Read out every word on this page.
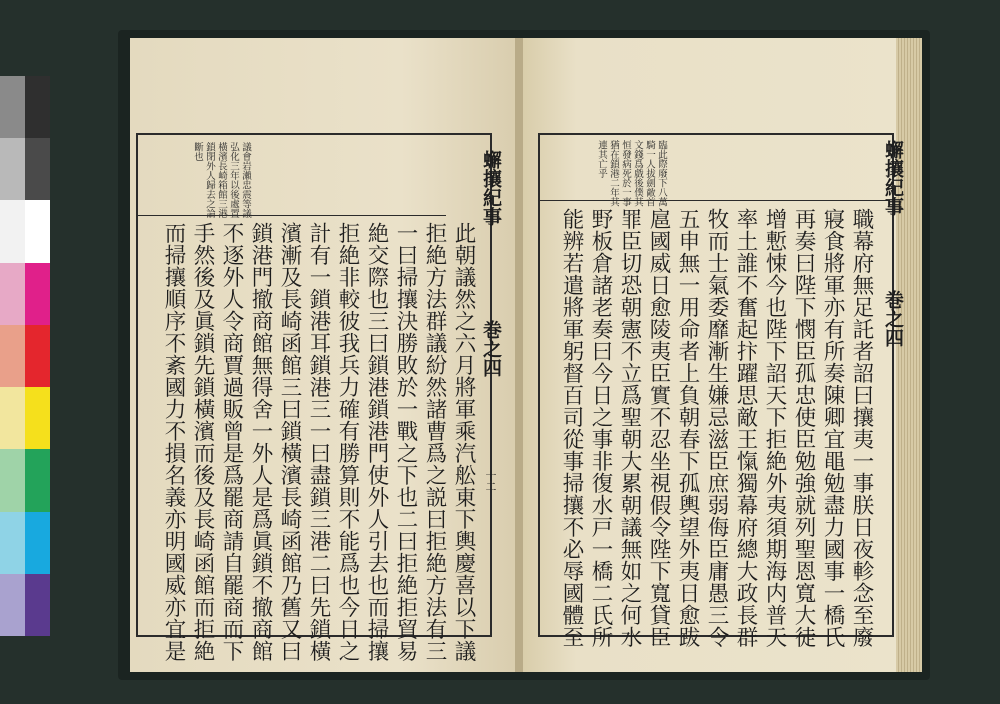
蠏攘紀事
巻之四
十二
議會岩瀨忠震等議
弘化三年以後處置
橫濱長崎箱館三港
鎖閉外人歸去之論
斷也
此朝議然之六月將軍乘汽舩東下輿慶喜以下議
拒絶方法群議紛然諸曹爲之説曰拒絶方法有三
一曰掃攘決勝敗於一戰之下也二曰拒絶拒貿易
絶交際也三曰鎖港鎖港門使外人引去也而掃攘
拒絶非較彼我兵力確有勝算則不能爲也今日之
計有一鎖港耳鎖港三一曰盡鎖三港二曰先鎖橫
濱漸及長崎函館三曰鎖橫濱長崎函館乃舊又曰
鎖港門撤商館無得舍一外人是爲眞鎖不撤商館
不逐外人令商賈過販曾是爲罷商請自罷商而下
手然後及眞鎖先鎖橫濱而後及長崎函館而拒絶
而掃攘順序不紊國力不損名義亦明國威亦宜是
蠏攘紀事
巻之四
臨此際廢下八萬
騎一人拔劍敵首
文錢爲戲後僕其
恒發病死於一事
猶在鎖港二年其
連其亡乎
職幕府無足託者詔曰攘夷一事朕日夜軫念至廢
寢食將軍亦有所奏陳卿宜黽勉盡力國事一橋氏
再奏曰陛下憫臣孤忠使臣勉強就列聖恩寬大徒
增慙悚今也陛下詔天下拒絶外夷須期海内普天
率土誰不奮起抃躍思敵王愾獨幕府總大政長群
牧而士氣委靡漸生嫌忌滋臣庶弱侮臣庸愚三令
五申無一用命者上負朝春下孤輿望外夷日愈跋
扈國威日愈陵夷臣實不忍坐視假令陛下寬貸臣
罪臣切恐朝憲不立爲聖朝大累朝議無如之何水
野板倉諸老奏曰今日之事非復水戸一橋二氏所
能辨若遣將軍躬督百司從事掃攘不必辱國體至
